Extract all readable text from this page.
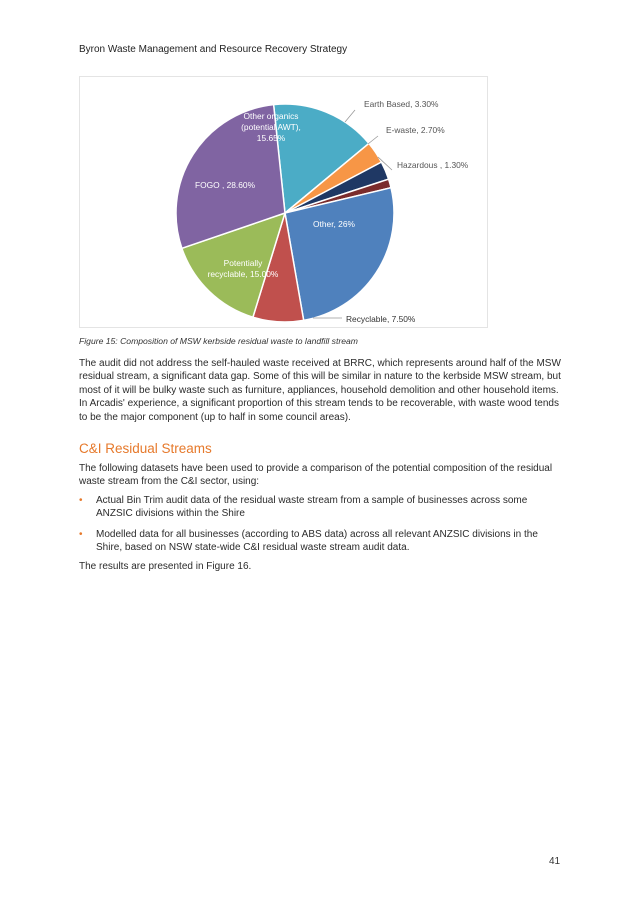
Byron Waste Management and Resource Recovery Strategy
Other organics (potential AWT), 15.65%
Earth Based, 3.30%
E-waste, 2.70%
Hazardous , 1.30%
Other, 26%
Recyclable, 7.50%
Potentially recyclable, 15.00%
FOGO , 28.60%
Figure 15: Composition of MSW kerbside residual waste to landfill stream

The audit did not address the self-hauled waste received at BRRC, which represents around half of the MSW residual stream, a significant data gap. Some of this will be similar in nature to the kerbside MSW stream, but most of it will be bulky waste such as furniture, appliances, household demolition and other household items. In Arcadis' experience, a significant proportion of this stream tends to be recoverable, with waste wood tends to be the major component (up to half in some council areas).

C&I Residual Streams

The following datasets have been used to provide a comparison of the potential composition of the residual waste stream from the C&I sector, using:

• Actual Bin Trim audit data of the residual waste stream from a sample of businesses across some ANZSIC divisions within the Shire
• Modelled data for all businesses (according to ABS data) across all relevant ANZSIC divisions in the Shire, based on NSW state-wide C&I residual waste stream audit data.

The results are presented in Figure 16.

41
